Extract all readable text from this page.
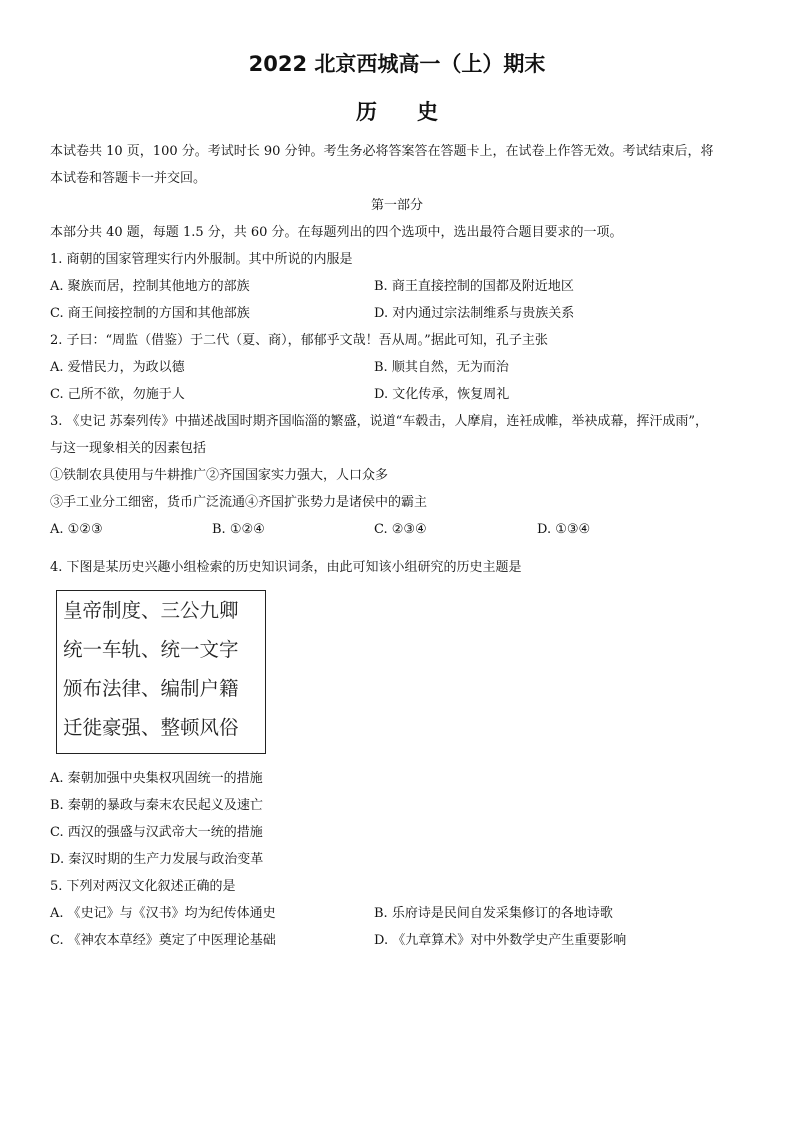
2022 北京西城高一（上）期末
历史
本试卷共 10 页，100 分。考试时长 90 分钟。考生务必将答案答在答题卡上，在试卷上作答无效。考试结束后，将
本试卷和答题卡一并交回。
第一部分
本部分共 40 题，每题 1.5 分，共 60 分。在每题列出的四个选项中，选出最符合题目要求的一项。
1. 商朝的国家管理实行内外服制。其中所说的内服是
A. 聚族而居，控制其他地方的部族	B. 商王直接控制的国都及附近地区
C. 商王间接控制的方国和其他部族	D. 对内通过宗法制维系与贵族关系
2. 子曰：“周监（借鉴）于二代（夏、商），郁郁乎文哉！吾从周。”据此可知，孔子主张
A. 爱惜民力，为政以德	B. 顺其自然，无为而治
C. 己所不欲，勿施于人	D. 文化传承，恢复周礼
3. 《史记 苏秦列传》中描述战国时期齐国临淄的繁盛，说道“车毂击，人摩肩，连衽成帷，举袂成幕，挥汗成雨”，
与这一现象相关的因素包括
①铁制农具使用与牛耕推广②齐国国家实力强大，人口众多
③手工业分工细密，货币广泛流通④齐国扩张势力是诸侯中的霸主
A. ①②③	B. ①②④	C. ②③④	D. ①③④
4. 下图是某历史兴趣小组检索的历史知识词条，由此可知该小组研究的历史主题是
皇帝制度、三公九卿
统一车轨、统一文字
颁布法律、编制户籍
迁徙豪强、整顿风俗
A. 秦朝加强中央集权巩固统一的措施
B. 秦朝的暴政与秦末农民起义及速亡
C. 西汉的强盛与汉武帝大一统的措施
D. 秦汉时期的生产力发展与政治变革
5. 下列对两汉文化叙述正确的是
A. 《史记》与《汉书》均为纪传体通史	B. 乐府诗是民间自发采集修订的各地诗歌
C. 《神农本草经》奠定了中医理论基础	D. 《九章算术》对中外数学史产生重要影响
